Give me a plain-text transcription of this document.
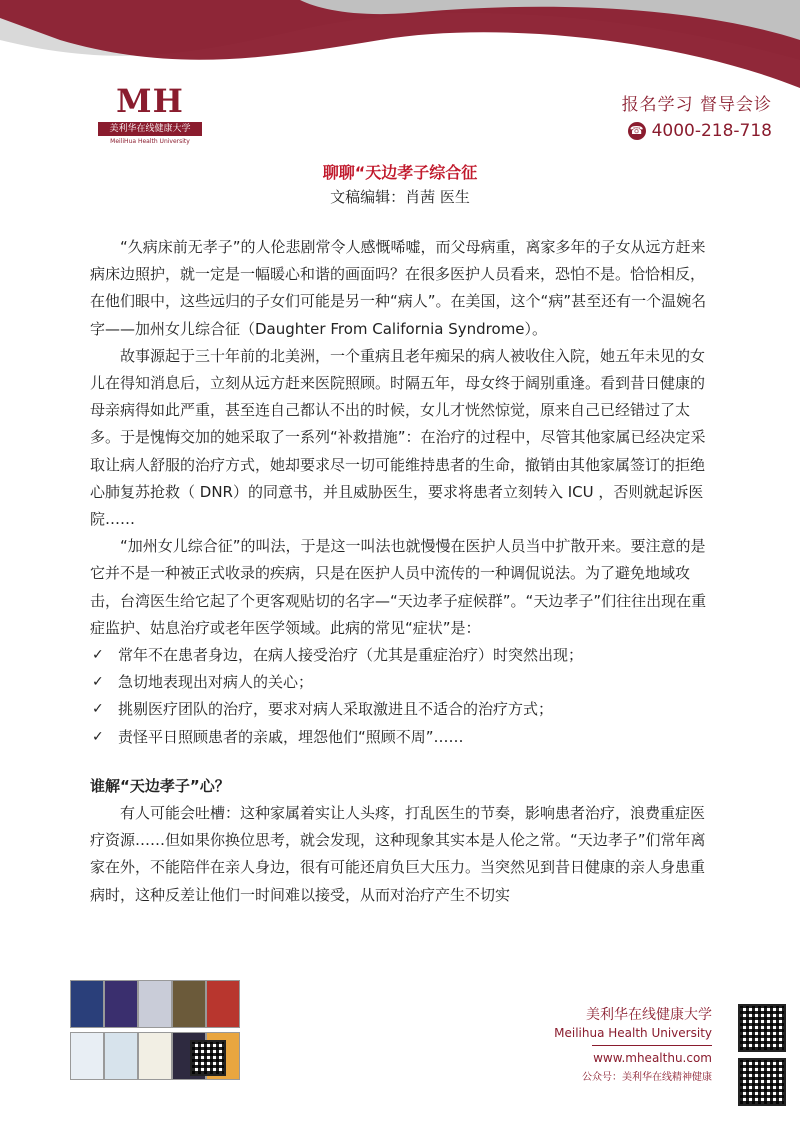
MH
美利华在线健康大学
MeiliHua Health University
报名学习 督导会诊
☎ 4000-218-718
聊聊“天边孝子综合征
文稿编辑：肖茜 医生

“久病床前无孝子”的人伦悲剧常令人感慨唏嘘，而父母病重，离家多年的子女从远方赶来病床边照护，就一定是一幅暖心和谐的画面吗？在很多医护人员看来，恐怕不是。恰恰相反，在他们眼中，这些远归的子女们可能是另一种“病人”。在美国，这个“病”甚至还有一个温婉名字——加州女儿综合征（Daughter From California Syndrome）。

故事源起于三十年前的北美洲，一个重病且老年痴呆的病人被收住入院，她五年未见的女儿在得知消息后，立刻从远方赶来医院照顾。时隔五年，母女终于阔别重逢。看到昔日健康的母亲病得如此严重，甚至连自己都认不出的时候，女儿才恍然惊觉，原来自己已经错过了太多。于是愧悔交加的她采取了一系列“补救措施”：在治疗的过程中，尽管其他家属已经决定采取让病人舒服的治疗方式，她却要求尽一切可能维持患者的生命，撤销由其他家属签订的拒绝心肺复苏抢救（ DNR）的同意书，并且威胁医生，要求将患者立刻转入 ICU ，否则就起诉医院……

“加州女儿综合征”的叫法，于是这一叫法也就慢慢在医护人员当中扩散开来。要注意的是它并不是一种被正式收录的疾病，只是在医护人员中流传的一种调侃说法。为了避免地域攻击，台湾医生给它起了个更客观贴切的名字—“天边孝子症候群”。“天边孝子”们往往出现在重症监护、姑息治疗或老年医学领域。此病的常见“症状”是：

✓ 常年不在患者身边，在病人接受治疗（尤其是重症治疗）时突然出现；
✓ 急切地表现出对病人的关心；
✓ 挑剔医疗团队的治疗，要求对病人采取激进且不适合的治疗方式；
✓ 责怪平日照顾患者的亲戚，埋怨他们“照顾不周”……
谁解“天边孝子”心？

有人可能会吐槽：这种家属着实让人头疼，打乱医生的节奏，影响患者治疗，浪费重症医疗资源……但如果你换位思考，就会发现，这种现象其实本是人伦之常。“天边孝子”们常年离家在外，不能陪伴在亲人身边，很有可能还肩负巨大压力。当突然见到昔日健康的亲人身患重病时，这种反差让他们一时间难以接受，从而对治疗产生不切实

美利华在线健康大学
Meilihua Health University
www.mhealthu.com
公众号：美利华在线精神健康
